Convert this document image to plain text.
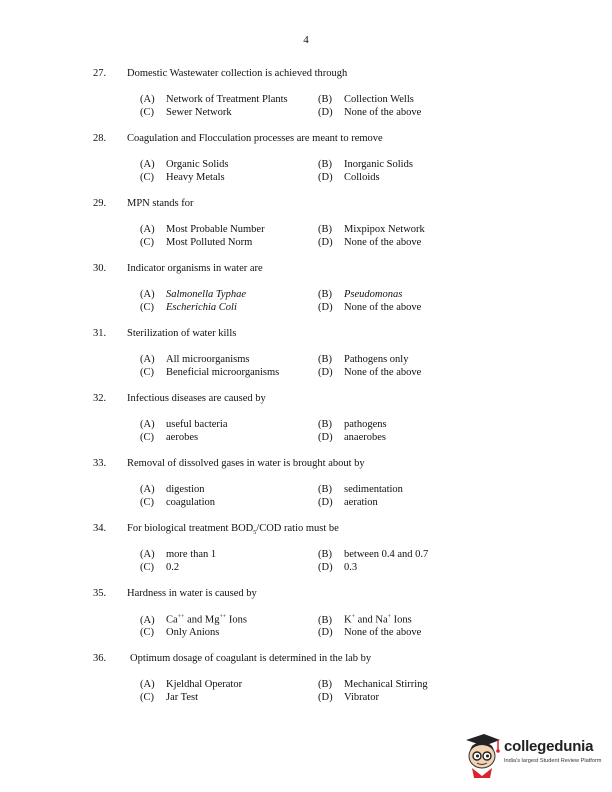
4
27. Domestic Wastewater collection is achieved through
(A) Network of Treatment Plants	(B) Collection Wells
(C) Sewer Network	(D) None of the above
28. Coagulation and Flocculation processes are meant to remove
(A) Organic Solids	(B) Inorganic Solids
(C) Heavy Metals	(D) Colloids
29. MPN stands for
(A) Most Probable Number	(B) Mixpipox Network
(C) Most Polluted Norm	(D) None of the above
30. Indicator organisms in water are
(A) Salmonella Typhae	(B) Pseudomonas
(C) Escherichia Coli	(D) None of the above
31. Sterilization of water kills
(A) All microorganisms	(B) Pathogens only
(C) Beneficial microorganisms	(D) None of the above
32. Infectious diseases are caused by
(A) useful bacteria	(B) pathogens
(C) aerobes	(D) anaerobes
33. Removal of dissolved gases in water is brought about by
(A) digestion	(B) sedimentation
(C) coagulation	(D) aeration
34. For biological treatment $BOD_5$/COD ratio must be
(A) more than 1	(B) between 0.4 and 0.7
(C) 0.2	(D) 0.3
35. Hardness in water is caused by
(A) Ca++ and Mg++ Ions	(B) K+ and Na+ Ions
(C) Only Anions	(D) None of the above
36. Optimum dosage of coagulant is determined in the lab by
(A) Kjeldhal Operator	(B) Mechanical Stirring
(C) Jar Test	(D) Vibrator
collegedunia
India's largest Student Review Platform
